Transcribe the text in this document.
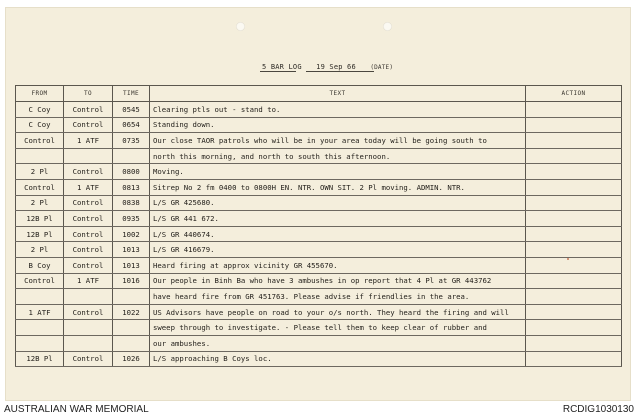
5 BAR LOG 19 Sep 66 (DATE)
FROM	TO	TIME	TEXT	ACTION
C Coy	Control	0545	Clearing ptls out - stand to.	
C Coy	Control	0654	Standing down.	
Control	1 ATF	0735	Our close TAOR patrols who will be in your area today will be going south to	
			north this morning, and north to south this afternoon.	
2 Pl	Control	0800	Moving.	
Control	1 ATF	0813	Sitrep No 2 fm 0400 to 0800H EN. NTR. OWN SIT. 2 Pl moving. ADMIN. NTR.	
2 Pl	Control	0838	L/S GR 425680.	
12B Pl	Control	0935	L/S GR 441 672.	
12B Pl	Control	1002	L/S GR 440674.	
2 Pl	Control	1013	L/S GR 416679.	
B Coy	Control	1013	Heard firing at approx vicinity GR 455670.	
Control	1 ATF	1016	Our people in Binh Ba who have 3 ambushes in op report that 4 Pl at GR 443762	
			have heard fire from GR 451763. Please advise if friendlies in the area.	
1 ATF	Control	1022	US Advisors have people on road to your o/s north. They heard the firing and will	
			sweep through to investigate. - Please tell them to keep clear of rubber and	
			our ambushes.	
12B Pl	Control	1026	L/S approaching B Coys loc.	
AUSTRALIAN WAR MEMORIAL	RCDIG1030130
